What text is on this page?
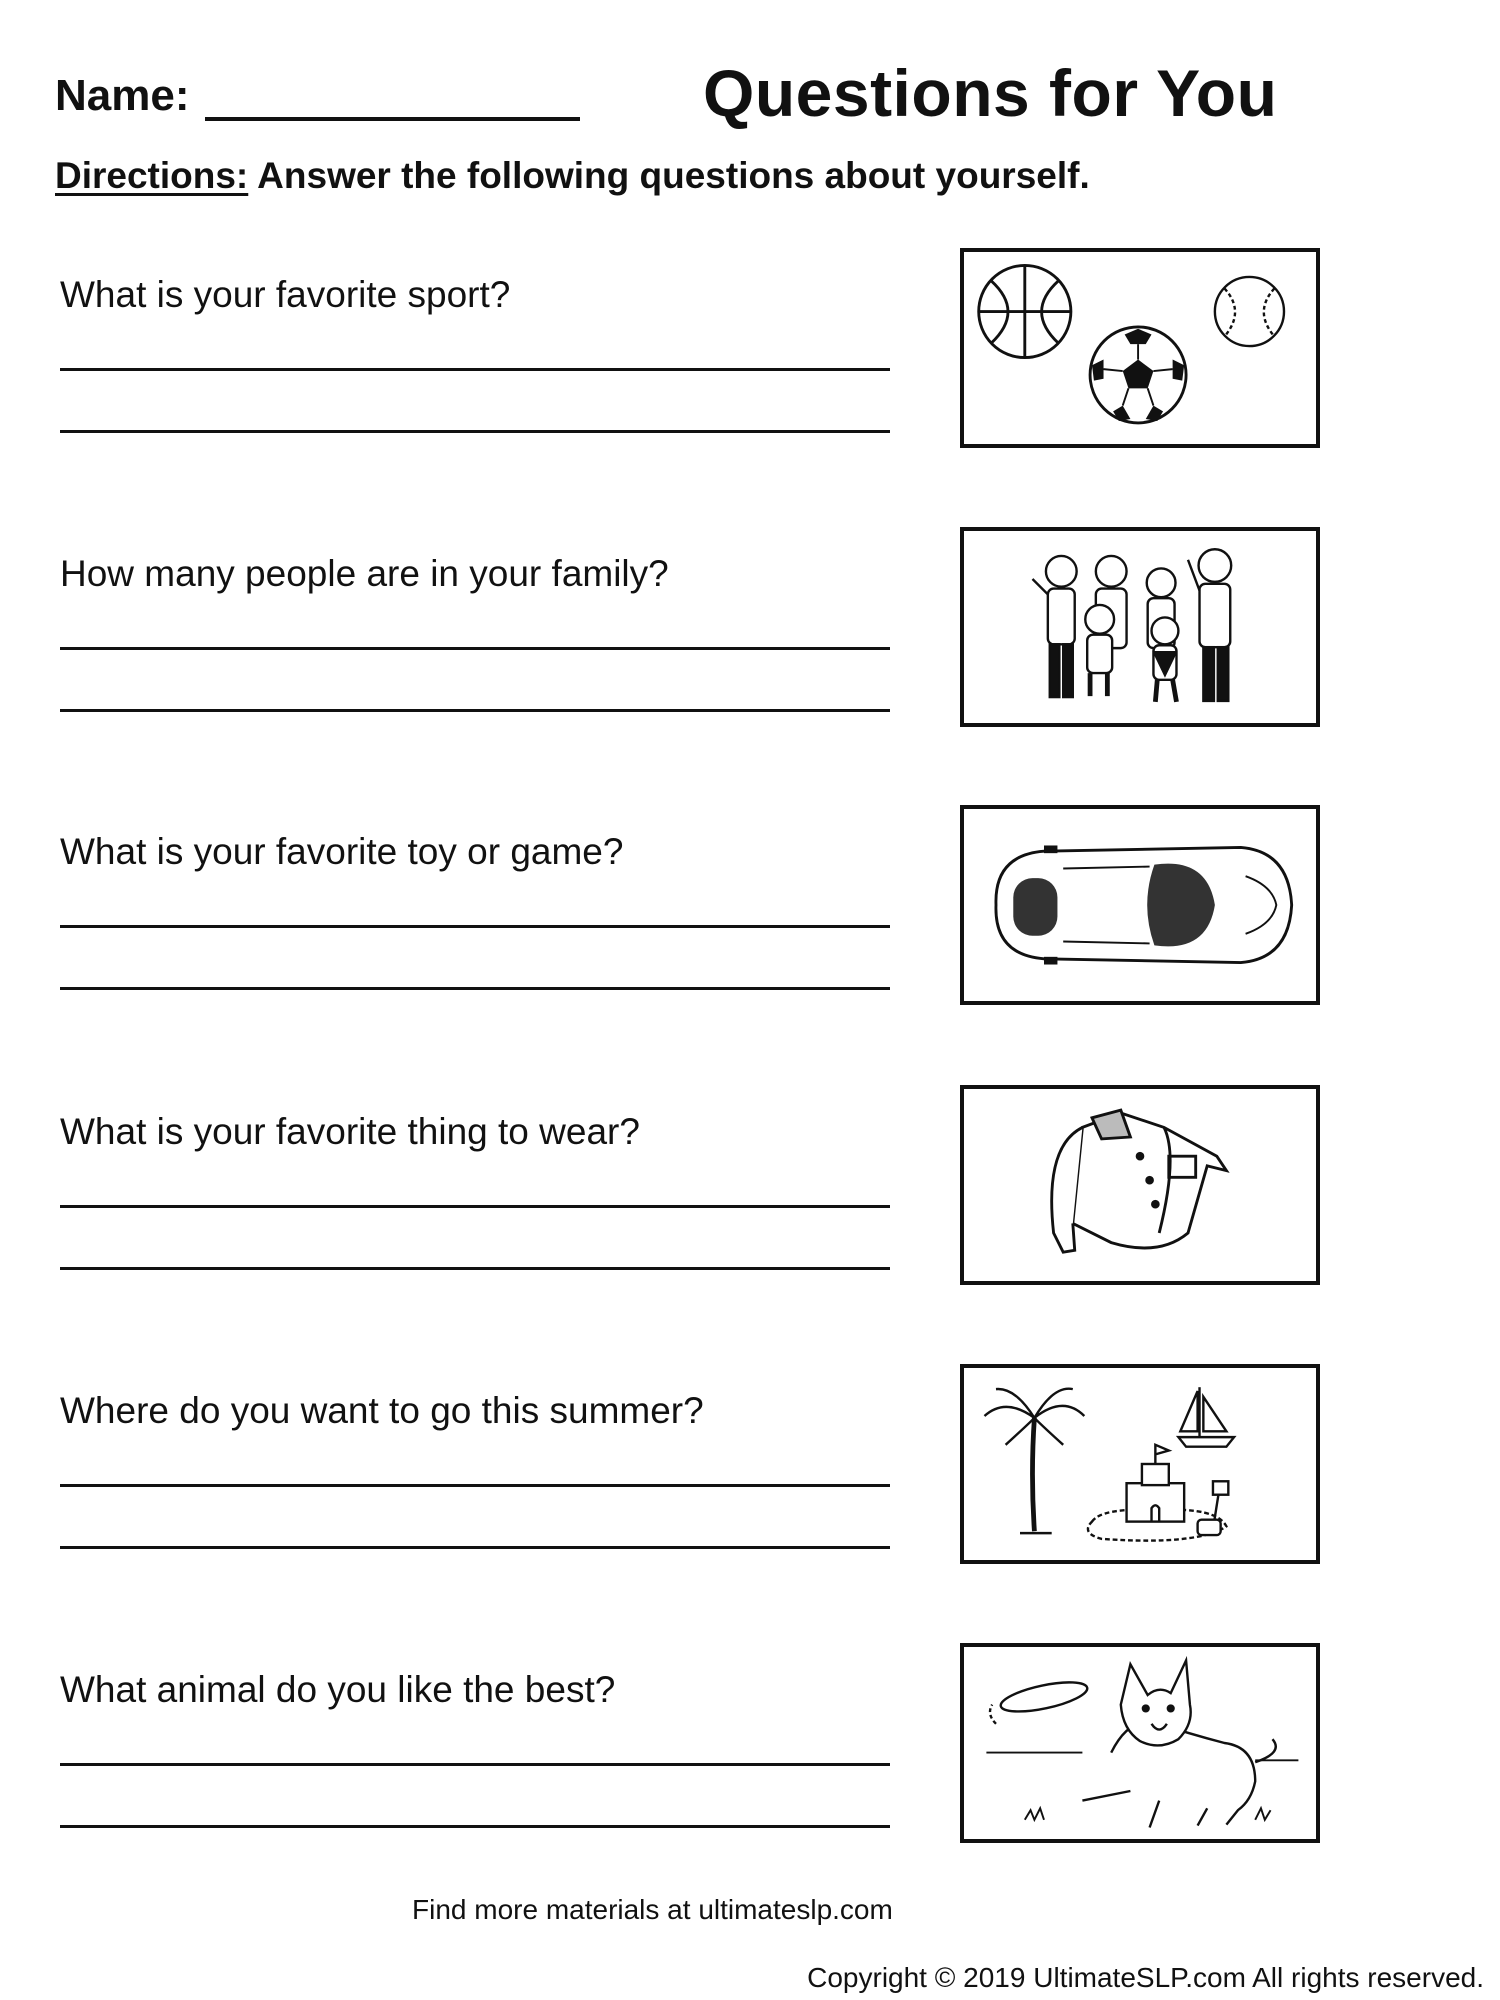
Name:	Questions for You
Directions: Answer the following questions about yourself.
What is your favorite sport?
How many people are in your family?
What is your favorite toy or game?
What is your favorite thing to wear?
Where do you want to go this summer?
What animal do you like the best?
Find more materials at ultimateslp.com
Copyright © 2019 UltimateSLP.com All rights reserved.
